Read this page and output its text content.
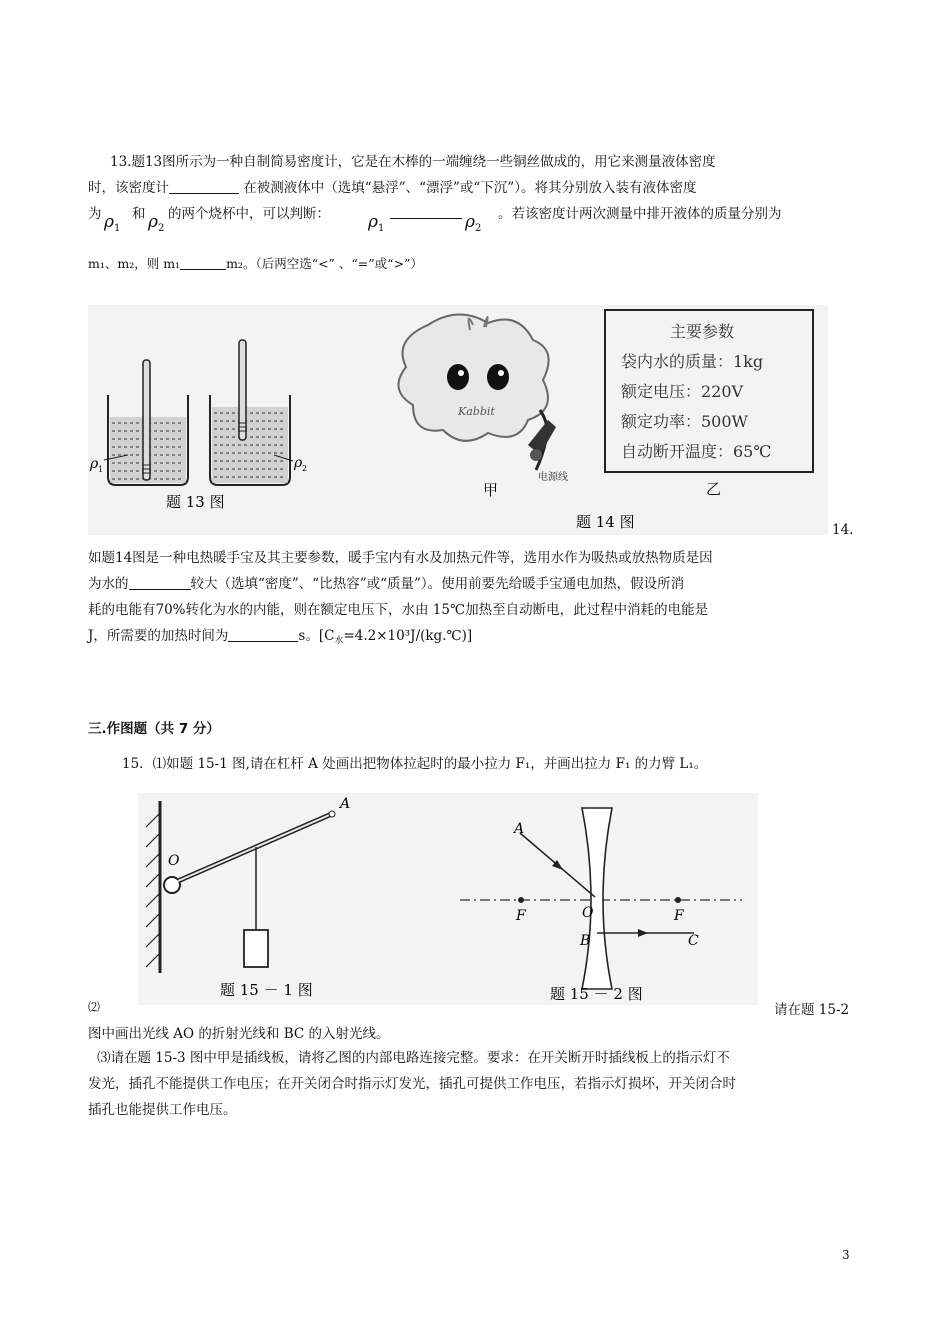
13.题13图所示为一种自制简易密度计，它是在木棒的一端缠绕一些铜丝做成的，用它来测量液体密度
时，该密度计	在被测液体中（选填“悬浮”、“漂浮”或“下沉”）。将其分别放入装有液体密度
为 $\rho_1$
和 $\rho_2$
的两个烧杯中，可以判断： $\rho_1$	$\rho_2$
。若该密度计两次测量中排开液体的质量分别为
m₁、m₂，则 m₁	m₂。（后两空选“<” 、“=”或“>”）
ρ 1	ρ 2
题 13 图
Kabbit
电源线
甲	乙
题 14 图
主要参数
袋内水的质量：1kg
额定电压：220V
额定功率：500W
自动断开温度：65℃
14.
如题14图是一种电热暖手宝及其主要参数，暖手宝内有水及加热元件等，选用水作为吸热或放热物质是因
为水的	较大（选填“密度”、“比热容”或“质量”）。使用前要先给暖手宝通电加热，假设所消
耗的电能有70%转化为水的内能，则在额定电压下，水由 15℃加热至自动断电，此过程中消耗的电能是
J，所需要的加热时间为	s。$[C_水=4.2\times 10^3J/(kg.℃)]$
三.作图题（共 7 分）
15．⑴如题 15-1 图,请在杠杆 A 处画出把物体拉起时的最小拉力 F₁，并画出拉力 F₁ 的力臂 L₁。
O
A
题 15 － 1 图
A
F	O	F
B	C
题 15 － 2 图
⑵	请在题 15-2
图中画出光线 AO 的折射光线和 BC 的入射光线。
⑶请在题 15-3 图中甲是插线板，请将乙图的内部电路连接完整。要求：在开关断开时插线板上的指示灯不
发光，插孔不能提供工作电压；在开关闭合时指示灯发光，插孔可提供工作电压，若指示灯损坏，开关闭合时
插孔也能提供工作电压。
3
